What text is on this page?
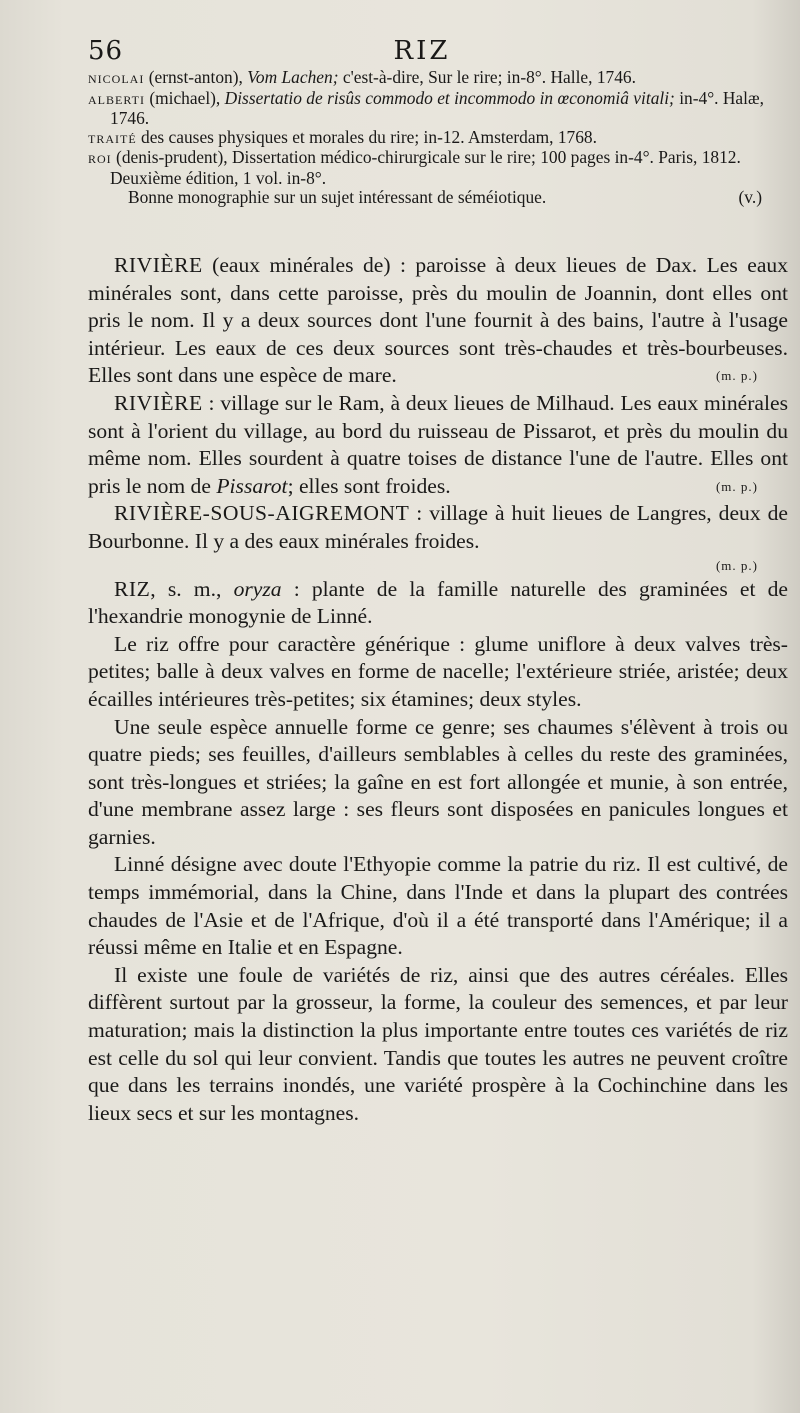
56	RIZ
NICOLAI (ernst-anton), Vom Lachen; c'est-à-dire, Sur le rire; in-8°. Halle, 1746.
ALBERTI (michael), Dissertatio de risûs commodo et incommodo in œconomiâ vitali; in-4°. Halæ, 1746.
TRAITÉ des causes physiques et morales du rire; in-12. Amsterdam, 1768.
ROI (denis-prudent), Dissertation médico-chirurgicale sur le rire; 100 pages in-4°. Paris, 1812. Deuxième édition, 1 vol. in-8°.
Bonne monographie sur un sujet intéressant de séméiotique.	(v.)

RIVIÈRE (eaux minérales de) : paroisse à deux lieues de Dax. Les eaux minérales sont, dans cette paroisse, près du moulin de Joannin, dont elles ont pris le nom. Il y a deux sources dont l'une fournit à des bains, l'autre à l'usage intérieur. Les eaux de ces deux sources sont très-chaudes et très-bourbeuses. Elles sont dans une espèce de mare.	(m. p.)

RIVIÈRE : village sur le Ram, à deux lieues de Milhaud. Les eaux minérales sont à l'orient du village, au bord du ruisseau de Pissarot, et près du moulin du même nom. Elles sourdent à quatre toises de distance l'une de l'autre. Elles ont pris le nom de Pissarot; elles sont froides.	(m. p.)

RIVIÈRE-SOUS-AIGREMONT : village à huit lieues de Langres, deux de Bourbonne. Il y a des eaux minérales froides.

(m. p.)

RIZ, s. m., oryza : plante de la famille naturelle des graminées et de l'hexandrie monogynie de Linné.

Le riz offre pour caractère générique : glume uniflore à deux valves très-petites; balle à deux valves en forme de nacelle; l'extérieure striée, aristée; deux écailles intérieures très-petites; six étamines; deux styles.

Une seule espèce annuelle forme ce genre; ses chaumes s'élèvent à trois ou quatre pieds; ses feuilles, d'ailleurs semblables à celles du reste des graminées, sont très-longues et striées; la gaîne en est fort allongée et munie, à son entrée, d'une membrane assez large : ses fleurs sont disposées en panicules longues et garnies.

Linné désigne avec doute l'Ethyopie comme la patrie du riz. Il est cultivé, de temps immémorial, dans la Chine, dans l'Inde et dans la plupart des contrées chaudes de l'Asie et de l'Afrique, d'où il a été transporté dans l'Amérique; il a réussi même en Italie et en Espagne.

Il existe une foule de variétés de riz, ainsi que des autres céréales. Elles diffèrent surtout par la grosseur, la forme, la couleur des semences, et par leur maturation; mais la distinction la plus importante entre toutes ces variétés de riz est celle du sol qui leur convient. Tandis que toutes les autres ne peuvent croître que dans les terrains inondés, une variété prospère à la Cochinchine dans les lieux secs et sur les montagnes.
